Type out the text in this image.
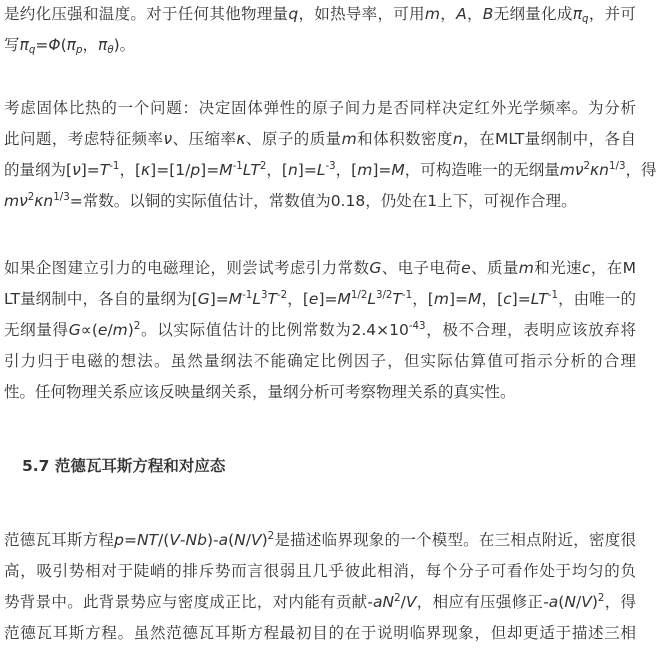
是约化压强和温度。对于任何其他物理量q，如热导率，可用m，A，B无纲量化成$\pi_q$，并可
写$\pi_q=\Phi(\pi_p$，$\pi_\theta$)。
考虑固体比热的一个问题：决定固体弹性的原子间力是否同样决定红外光学频率。为分析
此问题，考虑特征频率ν、压缩率κ、原子的质量m和体积数密度n，在MLT量纲制中，各自
的量纲为$[\nu]=T^{-1}$，$[\kappa]=[1/p]=M^{-1}LT^2$，$[n]=L^{-3}$，[m]=M，可构造唯一的无纲量$m\nu^2\kappa n^{1/3}$，得
$m\nu^2\kappa n^{1/3}=$常数。以铜的实际值估计，常数值为0.18，仍处在1上下，可视作合理。
如果企图建立引力的电磁理论，则尝试考虑引力常数G、电子电荷e、质量m和光速c，在M
LT量纲制中，各自的量纲为$[G]=M^{-1}L^3T^{-2}$，$[e]=M^{1/2}L^{3/2}T^{-1}$，[m]=M，$[c]=LT^{-1}$，由唯一的
无纲量得$G\propto(e/m)^2$。以实际值估计的比例常数为$2.4\times 10^{-43}$，极不合理，表明应该放弃将
引力归于电磁的想法。虽然量纲法不能确定比例因子，但实际估算值可指示分析的合理
性。任何物理关系应该反映量纲关系，量纲分析可考察物理关系的真实性。
5.7 范德瓦耳斯方程和对应态
范德瓦耳斯方程$p=NT/(V-Nb)-a(N/V)^2$是描述临界现象的一个模型。在三相点附近，密度很
高，吸引势相对于陡峭的排斥势而言很弱且几乎彼此相消，每个分子可看作处于均匀的负
势背景中。此背景势应与密度成正比，对内能有贡献$-aN^2/V$，相应有压强修正$-a(N/V)^2$，得
范德瓦耳斯方程。虽然范德瓦耳斯方程最初目的在于说明临界现象，但却更适于描述三相
